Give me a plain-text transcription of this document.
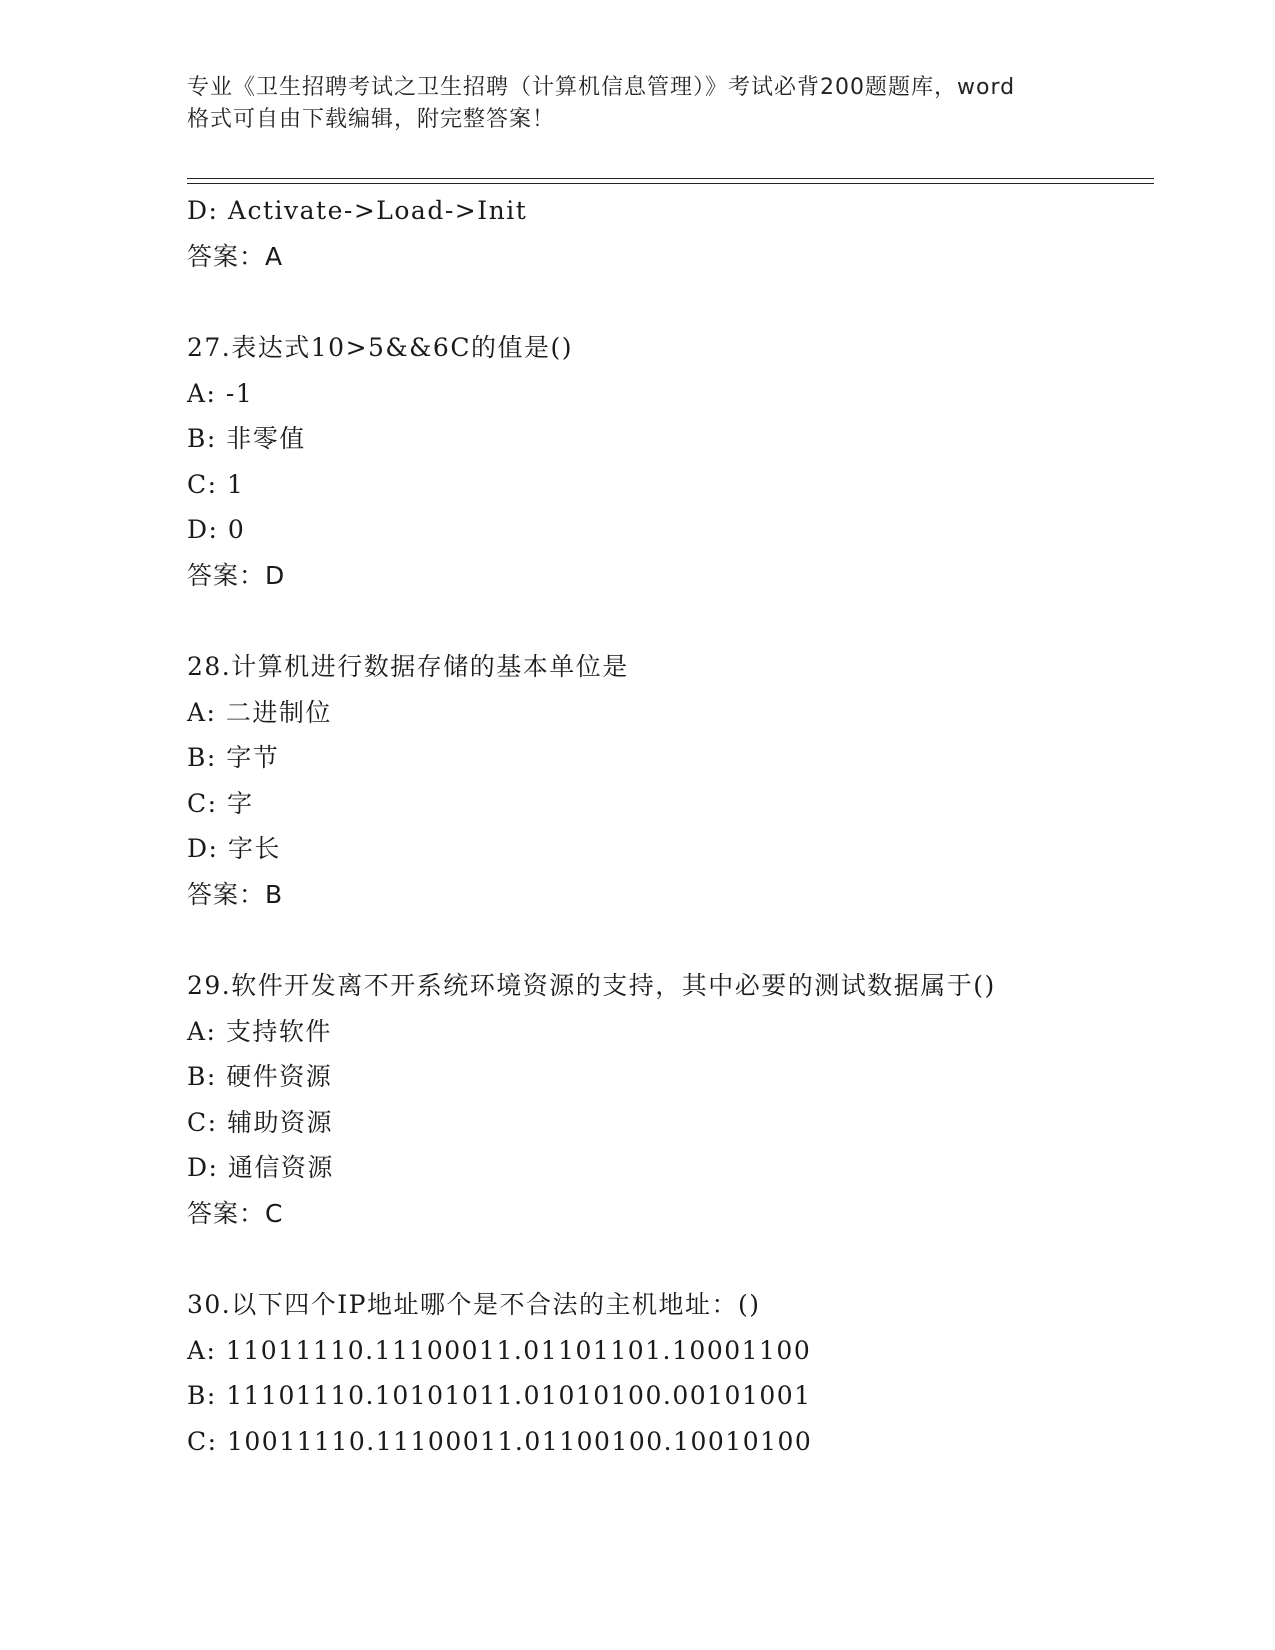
专业《卫生招聘考试之卫生招聘（计算机信息管理）》考试必背200题题库，word
格式可自由下载编辑，附完整答案！
D: Activate->Load->Init
答案：A
27.表达式10>5&&6C的值是()
A: -1
B: 非零值
C: 1
D: 0
答案：D
28.计算机进行数据存储的基本单位是
A: 二进制位
B: 字节
C: 字
D: 字长
答案：B
29.软件开发离不开系统环境资源的支持，其中必要的测试数据属于()
A: 支持软件
B: 硬件资源
C: 辅助资源
D: 通信资源
答案：C
30.以下四个IP地址哪个是不合法的主机地址：()
A: 11011110.11100011.01101101.10001100
B: 11101110.10101011.01010100.00101001
C: 10011110.11100011.01100100.10010100
